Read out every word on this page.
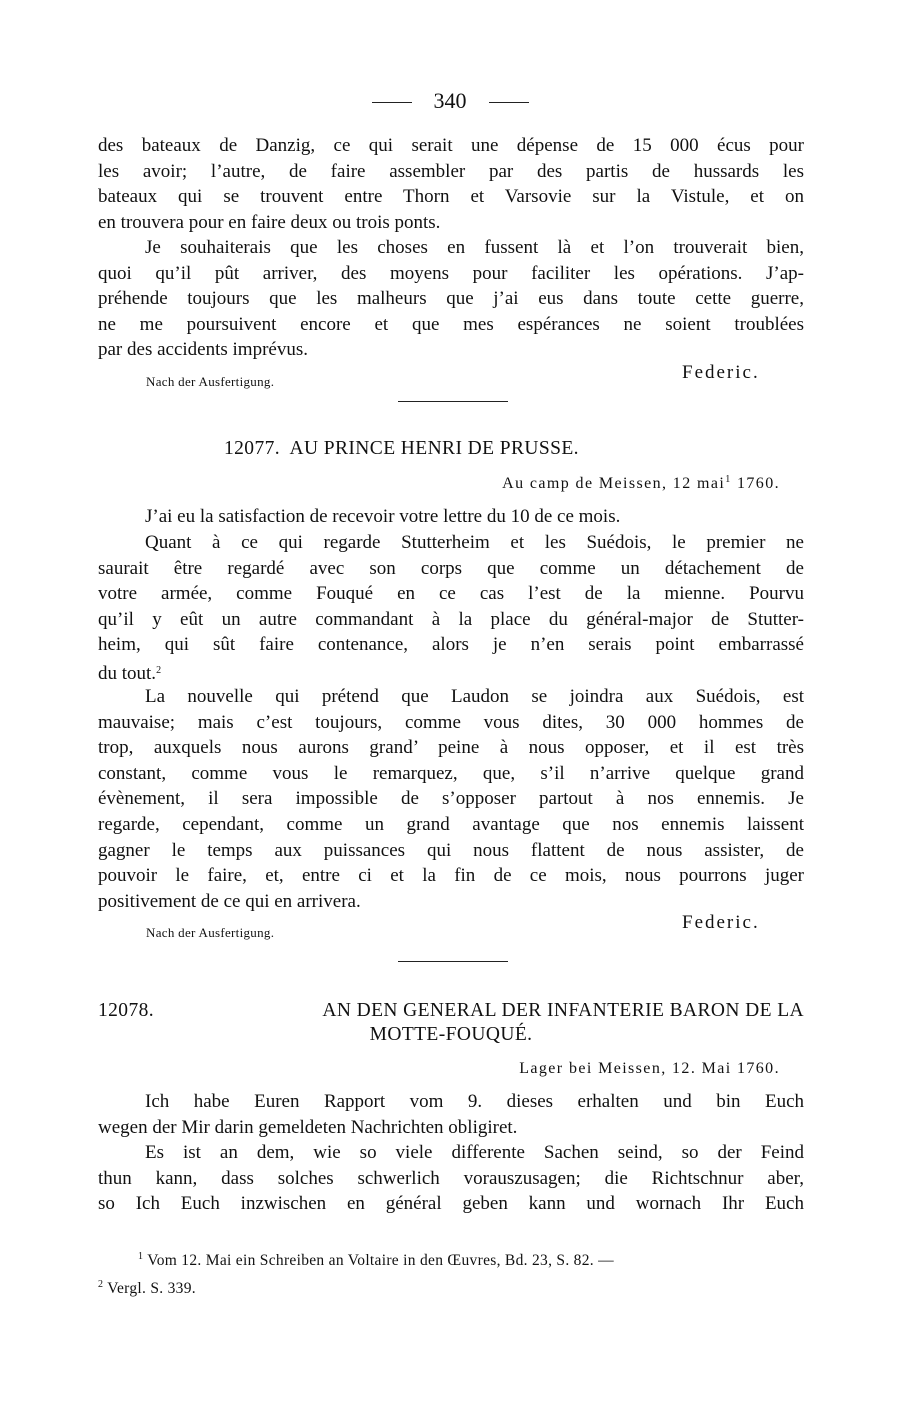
340
des bateaux de Danzig, ce qui serait une dépense de 15 000 écus pour
les avoir; l’autre, de faire assembler par des partis de hussards les
bateaux qui se trouvent entre Thorn et Varsovie sur la Vistule, et on
en trouvera pour en faire deux ou trois ponts.
Je souhaiterais que les choses en fussent là et l’on trouverait bien,
quoi qu’il pût arriver, des moyens pour faciliter les opérations. J’ap-
préhende toujours que les malheurs que j’ai eus dans toute cette guerre,
ne me poursuivent encore et que mes espérances ne soient troublées
par des accidents imprévus.
Nach der Ausfertigung.	Federic.
12077. AU PRINCE HENRI DE PRUSSE.
Au camp de Meissen, 12 mai$^1$ 1760.
J’ai eu la satisfaction de recevoir votre lettre du 10 de ce mois.
Quant à ce qui regarde Stutterheim et les Suédois, le premier ne
saurait être regardé avec son corps que comme un détachement de
votre armée, comme Fouqué en ce cas l’est de la mienne. Pourvu
qu’il y eût un autre commandant à la place du général-major de Stutter-
heim, qui sût faire contenance, alors je n’en serais point embarrassé
du tout.$^2$
La nouvelle qui prétend que Laudon se joindra aux Suédois, est
mauvaise; mais c’est toujours, comme vous dites, 30 000 hommes de
trop, auxquels nous aurons grand’ peine à nous opposer, et il est très
constant, comme vous le remarquez, que, s’il n’arrive quelque grand
évènement, il sera impossible de s’opposer partout à nos ennemis. Je
regarde, cependant, comme un grand avantage que nos ennemis laissent
gagner le temps aux puissances qui nous flattent de nous assister, de
pouvoir le faire, et, entre ci et la fin de ce mois, nous pourrons juger
positivement de ce qui en arrivera.
Nach der Ausfertigung.	Federic.
12078.	AN DEN GENERAL DER INFANTERIE BARON DE LA
MOTTE-FOUQUÉ.
Lager bei Meissen, 12. Mai 1760.
Ich habe Euren Rapport vom 9. dieses erhalten und bin Euch
wegen der Mir darin gemeldeten Nachrichten obligiret.
Es ist an dem, wie so viele differente Sachen seind, so der Feind
thun kann, dass solches schwerlich vorauszusagen; die Richtschnur aber,
so Ich Euch inzwischen en général geben kann und wornach Ihr Euch
$^1$ Vom 12. Mai ein Schreiben an Voltaire in den Œuvres, Bd. 23, S. 82. —
$^2$ Vergl. S. 339.
